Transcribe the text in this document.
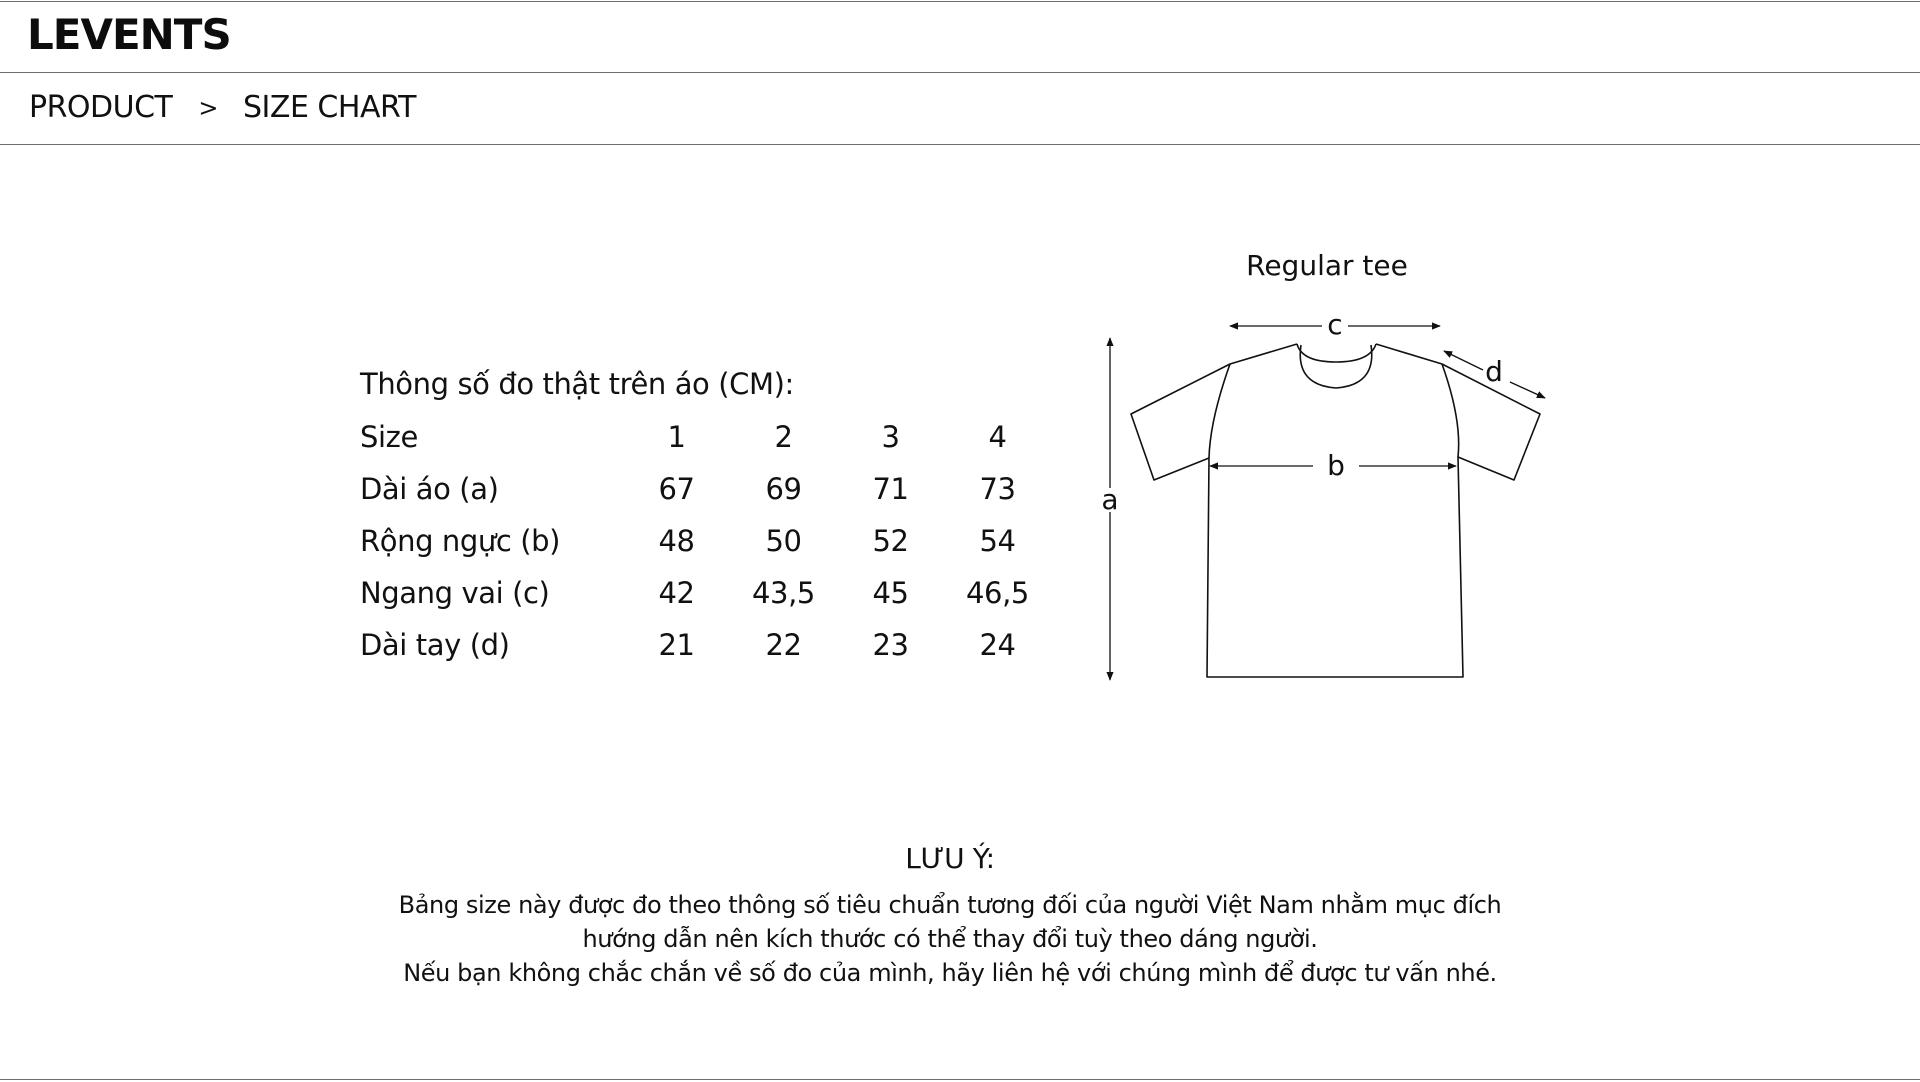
LEVENTS
PRODUCT > SIZE CHART
Thông số đo thật trên áo (CM):
Size	1	2	3	4
Dài áo (a)	67	69	71	73
Rộng ngực (b)	48	50	52	54
Ngang vai (c)	42	43,5	45	46,5
Dài tay (d)	21	22	23	24
Regular tee
c
d
b
a
LƯU Ý:

Bảng size này được đo theo thông số tiêu chuẩn tương đối của người Việt Nam nhằm mục đích

hướng dẫn nên kích thước có thể thay đổi tuỳ theo dáng người.

Nếu bạn không chắc chắn về số đo của mình, hãy liên hệ với chúng mình để được tư vấn nhé.
